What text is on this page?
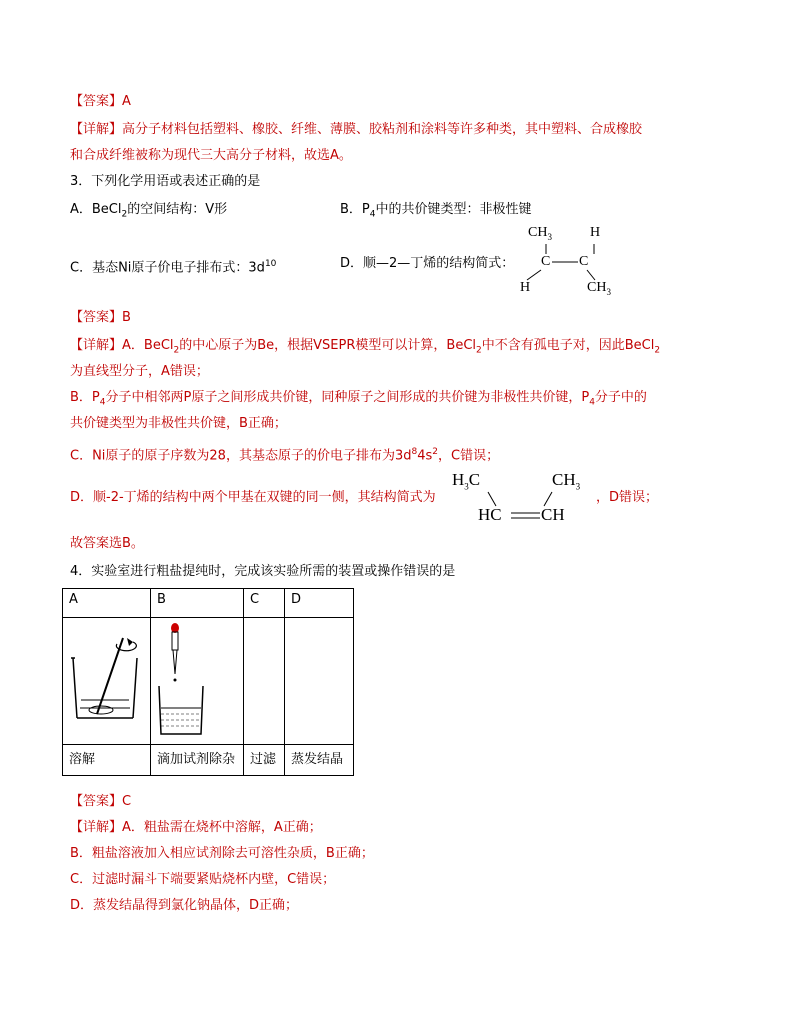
【答案】A
【详解】高分子材料包括塑料、橡胶、纤维、薄膜、胶粘剂和涂料等许多种类，其中塑料、合成橡胶
和合成纤维被称为现代三大高分子材料，故选A。
3．下列化学用语或表述正确的是
A．BeCl$_2$的空间结构：V形	B．$P_4$中的共价键类型：非极性键
C．基态Ni原子价电子排布式：$3d^{10}$	D．顺—2—丁烯的结构简式：
$CH_3$	H
C C
H	$CH_3$
【答案】B
【详解】A．BeCl$_2$的中心原子为Be，根据VSEPR模型可以计算，BeCl$_2$中不含有孤电子对，因此BeCl$_2$
为直线型分子，A错误；
B．$P_4$分子中相邻两P原子之间形成共价键，同种原子之间形成的共价键为非极性共价键，$P_4$分子中的
共价键类型为非极性共价键，B正确；
C．Ni原子的原子序数为28，其基态原子的价电子排布为$3d^84s^2$，C错误；
D．顺-2-丁烯的结构中两个甲基在双键的同一侧，其结构简式为	，D错误；
$H_3C$	$CH_3$
HC CH
故答案选B。
4．实验室进行粗盐提纯时，完成该实验所需的装置或操作错误的是
A	B	C	D

溶解	滴加试剂除杂	过滤	蒸发结晶
【答案】C
【详解】A．粗盐需在烧杯中溶解，A正确；
B．粗盐溶液加入相应试剂除去可溶性杂质，B正确；
C．过滤时漏斗下端要紧贴烧杯内壁，C错误；
D．蒸发结晶得到氯化钠晶体，D正确；
